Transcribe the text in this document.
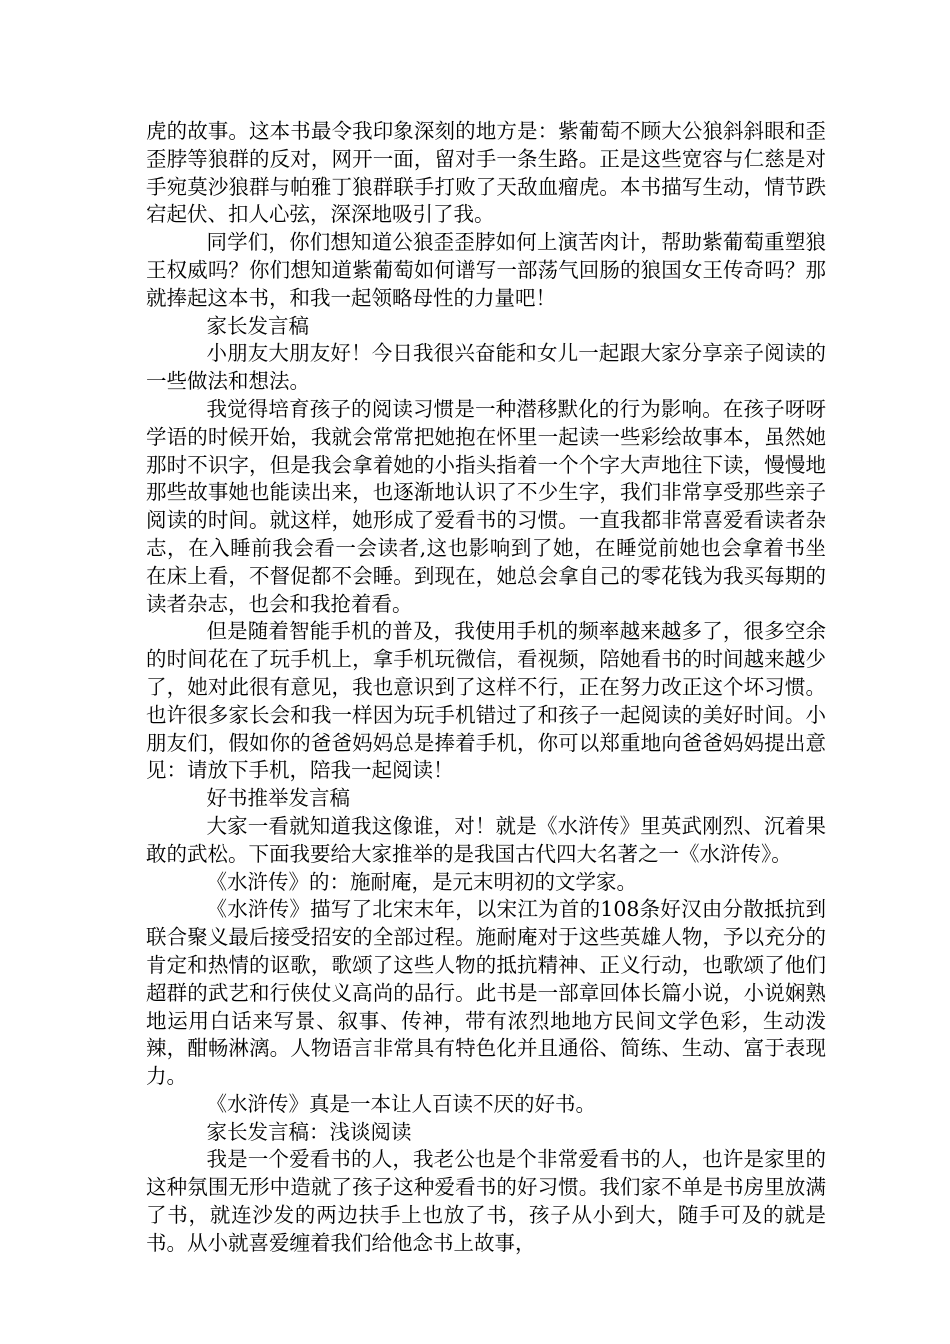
虎的故事。这本书最令我印象深刻的地方是：紫葡萄不顾大公狼斜斜眼和歪歪脖等狼群的反对，网开一面，留对手一条生路。正是这些宽容与仁慈是对手宛莫沙狼群与帕雅丁狼群联手打败了天敌血瘤虎。本书描写生动，情节跌宕起伏、扣人心弦，深深地吸引了我。

同学们，你们想知道公狼歪歪脖如何上演苦肉计，帮助紫葡萄重塑狼王权威吗？你们想知道紫葡萄如何谱写一部荡气回肠的狼国女王传奇吗？那就捧起这本书，和我一起领略母性的力量吧！

家长发言稿

小朋友大朋友好！今日我很兴奋能和女儿一起跟大家分享亲子阅读的一些做法和想法。

我觉得培育孩子的阅读习惯是一种潜移默化的行为影响。在孩子呀呀学语的时候开始，我就会常常把她抱在怀里一起读一些彩绘故事本，虽然她那时不识字，但是我会拿着她的小指头指着一个个字大声地往下读，慢慢地那些故事她也能读出来，也逐渐地认识了不少生字，我们非常享受那些亲子阅读的时间。就这样，她形成了爱看书的习惯。一直我都非常喜爱看读者杂志，在入睡前我会看一会读者,这也影响到了她，在睡觉前她也会拿着书坐在床上看，不督促都不会睡。到现在，她总会拿自己的零花钱为我买每期的读者杂志，也会和我抢着看。

但是随着智能手机的普及，我使用手机的频率越来越多了，很多空余的时间花在了玩手机上，拿手机玩微信，看视频，陪她看书的时间越来越少了，她对此很有意见，我也意识到了这样不行，正在努力改正这个坏习惯。也许很多家长会和我一样因为玩手机错过了和孩子一起阅读的美好时间。小朋友们，假如你的爸爸妈妈总是捧着手机，你可以郑重地向爸爸妈妈提出意见：请放下手机，陪我一起阅读！

好书推举发言稿

大家一看就知道我这像谁，对！就是《水浒传》里英武刚烈、沉着果敢的武松。下面我要给大家推举的是我国古代四大名著之一《水浒传》。

《水浒传》的：施耐庵，是元末明初的文学家。

《水浒传》描写了北宋末年，以宋江为首的108条好汉由分散抵抗到联合聚义最后接受招安的全部过程。施耐庵对于这些英雄人物，予以充分的肯定和热情的讴歌，歌颂了这些人物的抵抗精神、正义行动，也歌颂了他们超群的武艺和行侠仗义高尚的品行。此书是一部章回体长篇小说，小说娴熟地运用白话来写景、叙事、传神，带有浓烈地地方民间文学色彩，生动泼辣，酣畅淋漓。人物语言非常具有特色化并且通俗、简练、生动、富于表现力。

《水浒传》真是一本让人百读不厌的好书。

家长发言稿：浅谈阅读

我是一个爱看书的人，我老公也是个非常爱看书的人，也许是家里的这种氛围无形中造就了孩子这种爱看书的好习惯。我们家不单是书房里放满了书，就连沙发的两边扶手上也放了书，孩子从小到大，随手可及的就是书。从小就喜爱缠着我们给他念书上故事，
